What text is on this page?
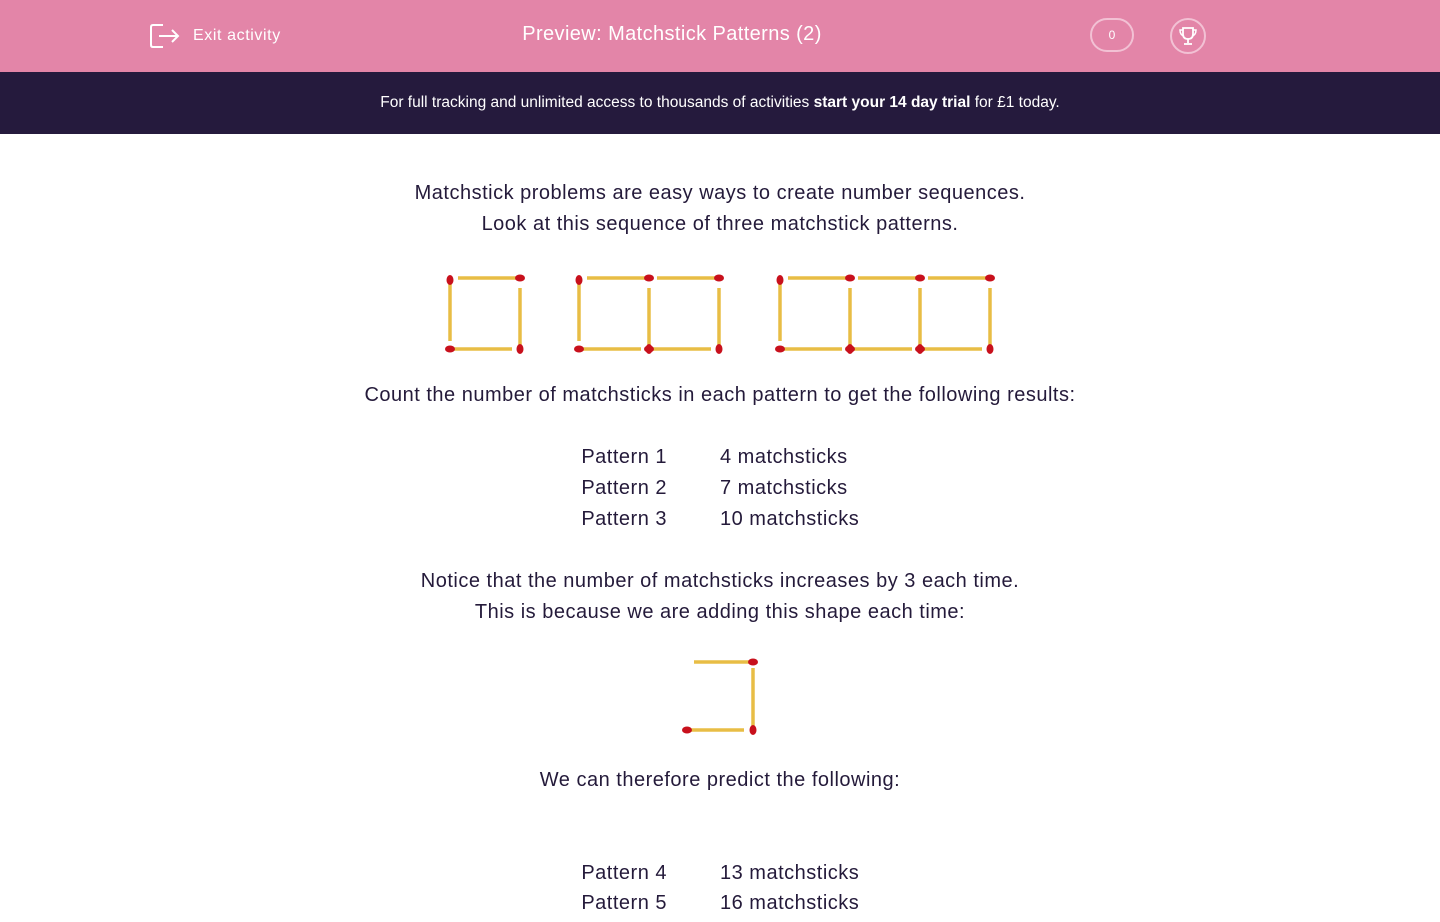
Exit activity	Preview: Matchstick Patterns (2)	0
For full tracking and unlimited access to thousands of activities start your 14 day trial for £1 today.
Matchstick problems are easy ways to create number sequences.
Look at this sequence of three matchstick patterns.
Count the number of matchsticks in each pattern to get the following results:
Pattern 1	4 matchsticks
Pattern 2	7 matchsticks
Pattern 3	10 matchsticks
Notice that the number of matchsticks increases by 3 each time.
This is because we are adding this shape each time:
We can therefore predict the following:
Pattern 4	13 matchsticks
Pattern 5	16 matchsticks
